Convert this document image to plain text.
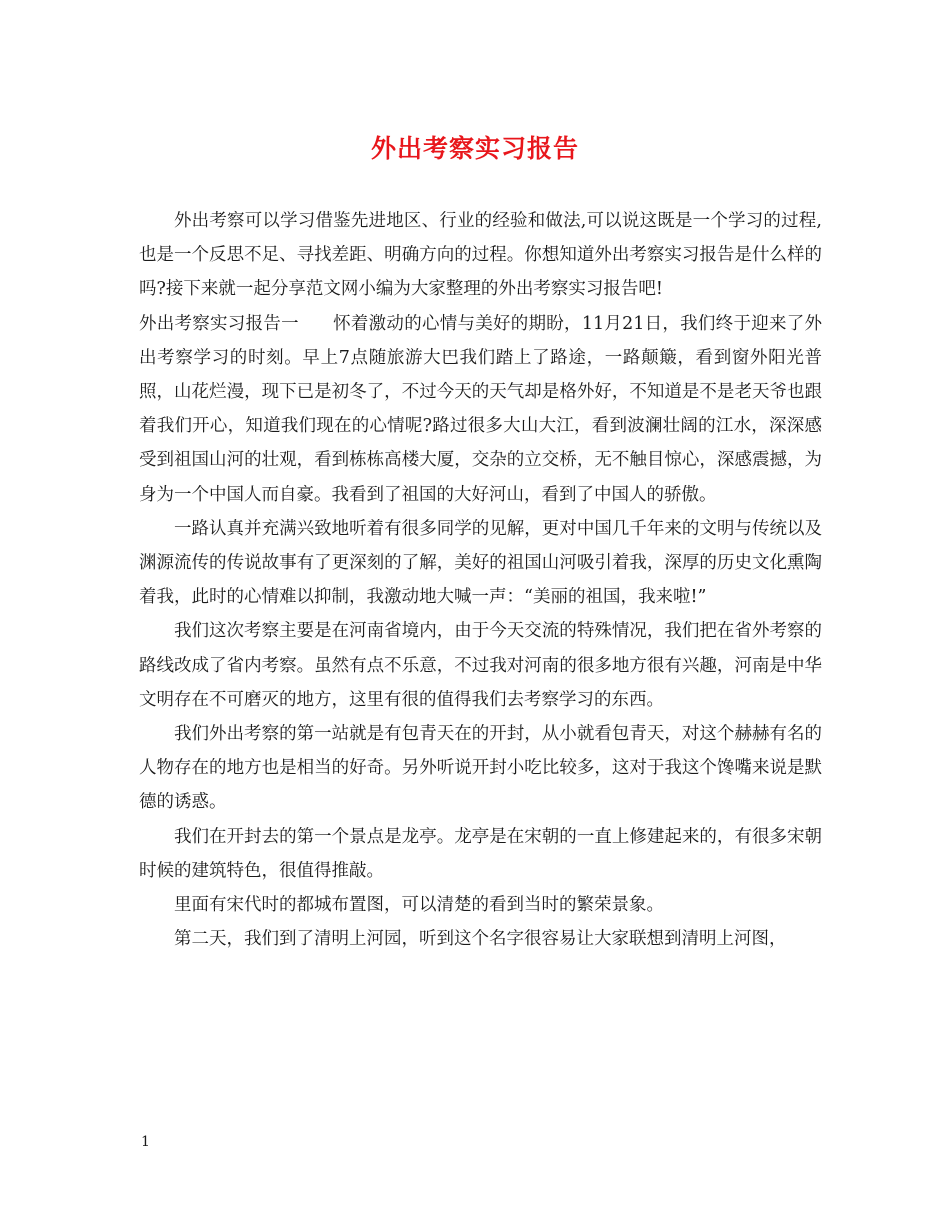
外出考察实习报告

外出考察可以学习借鉴先进地区、行业的经验和做法,可以说这既是一个学习的过程,也是一个反思不足、寻找差距、明确方向的过程。你想知道外出考察实习报告是什么样的吗?接下来就一起分享范文网小编为大家整理的外出考察实习报告吧!

外出考察实习报告一 怀着激动的心情与美好的期盼，11月21日，我们终于迎来了外出考察学习的时刻。早上7点随旅游大巴我们踏上了路途，一路颠簸，看到窗外阳光普照，山花烂漫，现下已是初冬了，不过今天的天气却是格外好，不知道是不是老天爷也跟着我们开心，知道我们现在的心情呢?路过很多大山大江，看到波澜壮阔的江水，深深感受到祖国山河的壮观，看到栋栋高楼大厦，交杂的立交桥，无不触目惊心，深感震撼，为身为一个中国人而自豪。我看到了祖国的大好河山，看到了中国人的骄傲。

一路认真并充满兴致地听着有很多同学的见解，更对中国几千年来的文明与传统以及渊源流传的传说故事有了更深刻的了解，美好的祖国山河吸引着我，深厚的历史文化熏陶着我，此时的心情难以抑制，我激动地大喊一声：“美丽的祖国，我来啦!”

我们这次考察主要是在河南省境内，由于今天交流的特殊情况，我们把在省外考察的路线改成了省内考察。虽然有点不乐意，不过我对河南的很多地方很有兴趣，河南是中华文明存在不可磨灭的地方，这里有很的值得我们去考察学习的东西。

我们外出考察的第一站就是有包青天在的开封，从小就看包青天，对这个赫赫有名的人物存在的地方也是相当的好奇。另外听说开封小吃比较多，这对于我这个馋嘴来说是默德的诱惑。

我们在开封去的第一个景点是龙亭。龙亭是在宋朝的一直上修建起来的，有很多宋朝时候的建筑特色，很值得推敲。

里面有宋代时的都城布置图，可以清楚的看到当时的繁荣景象。

第二天，我们到了清明上河园，听到这个名字很容易让大家联想到清明上河图，

1
